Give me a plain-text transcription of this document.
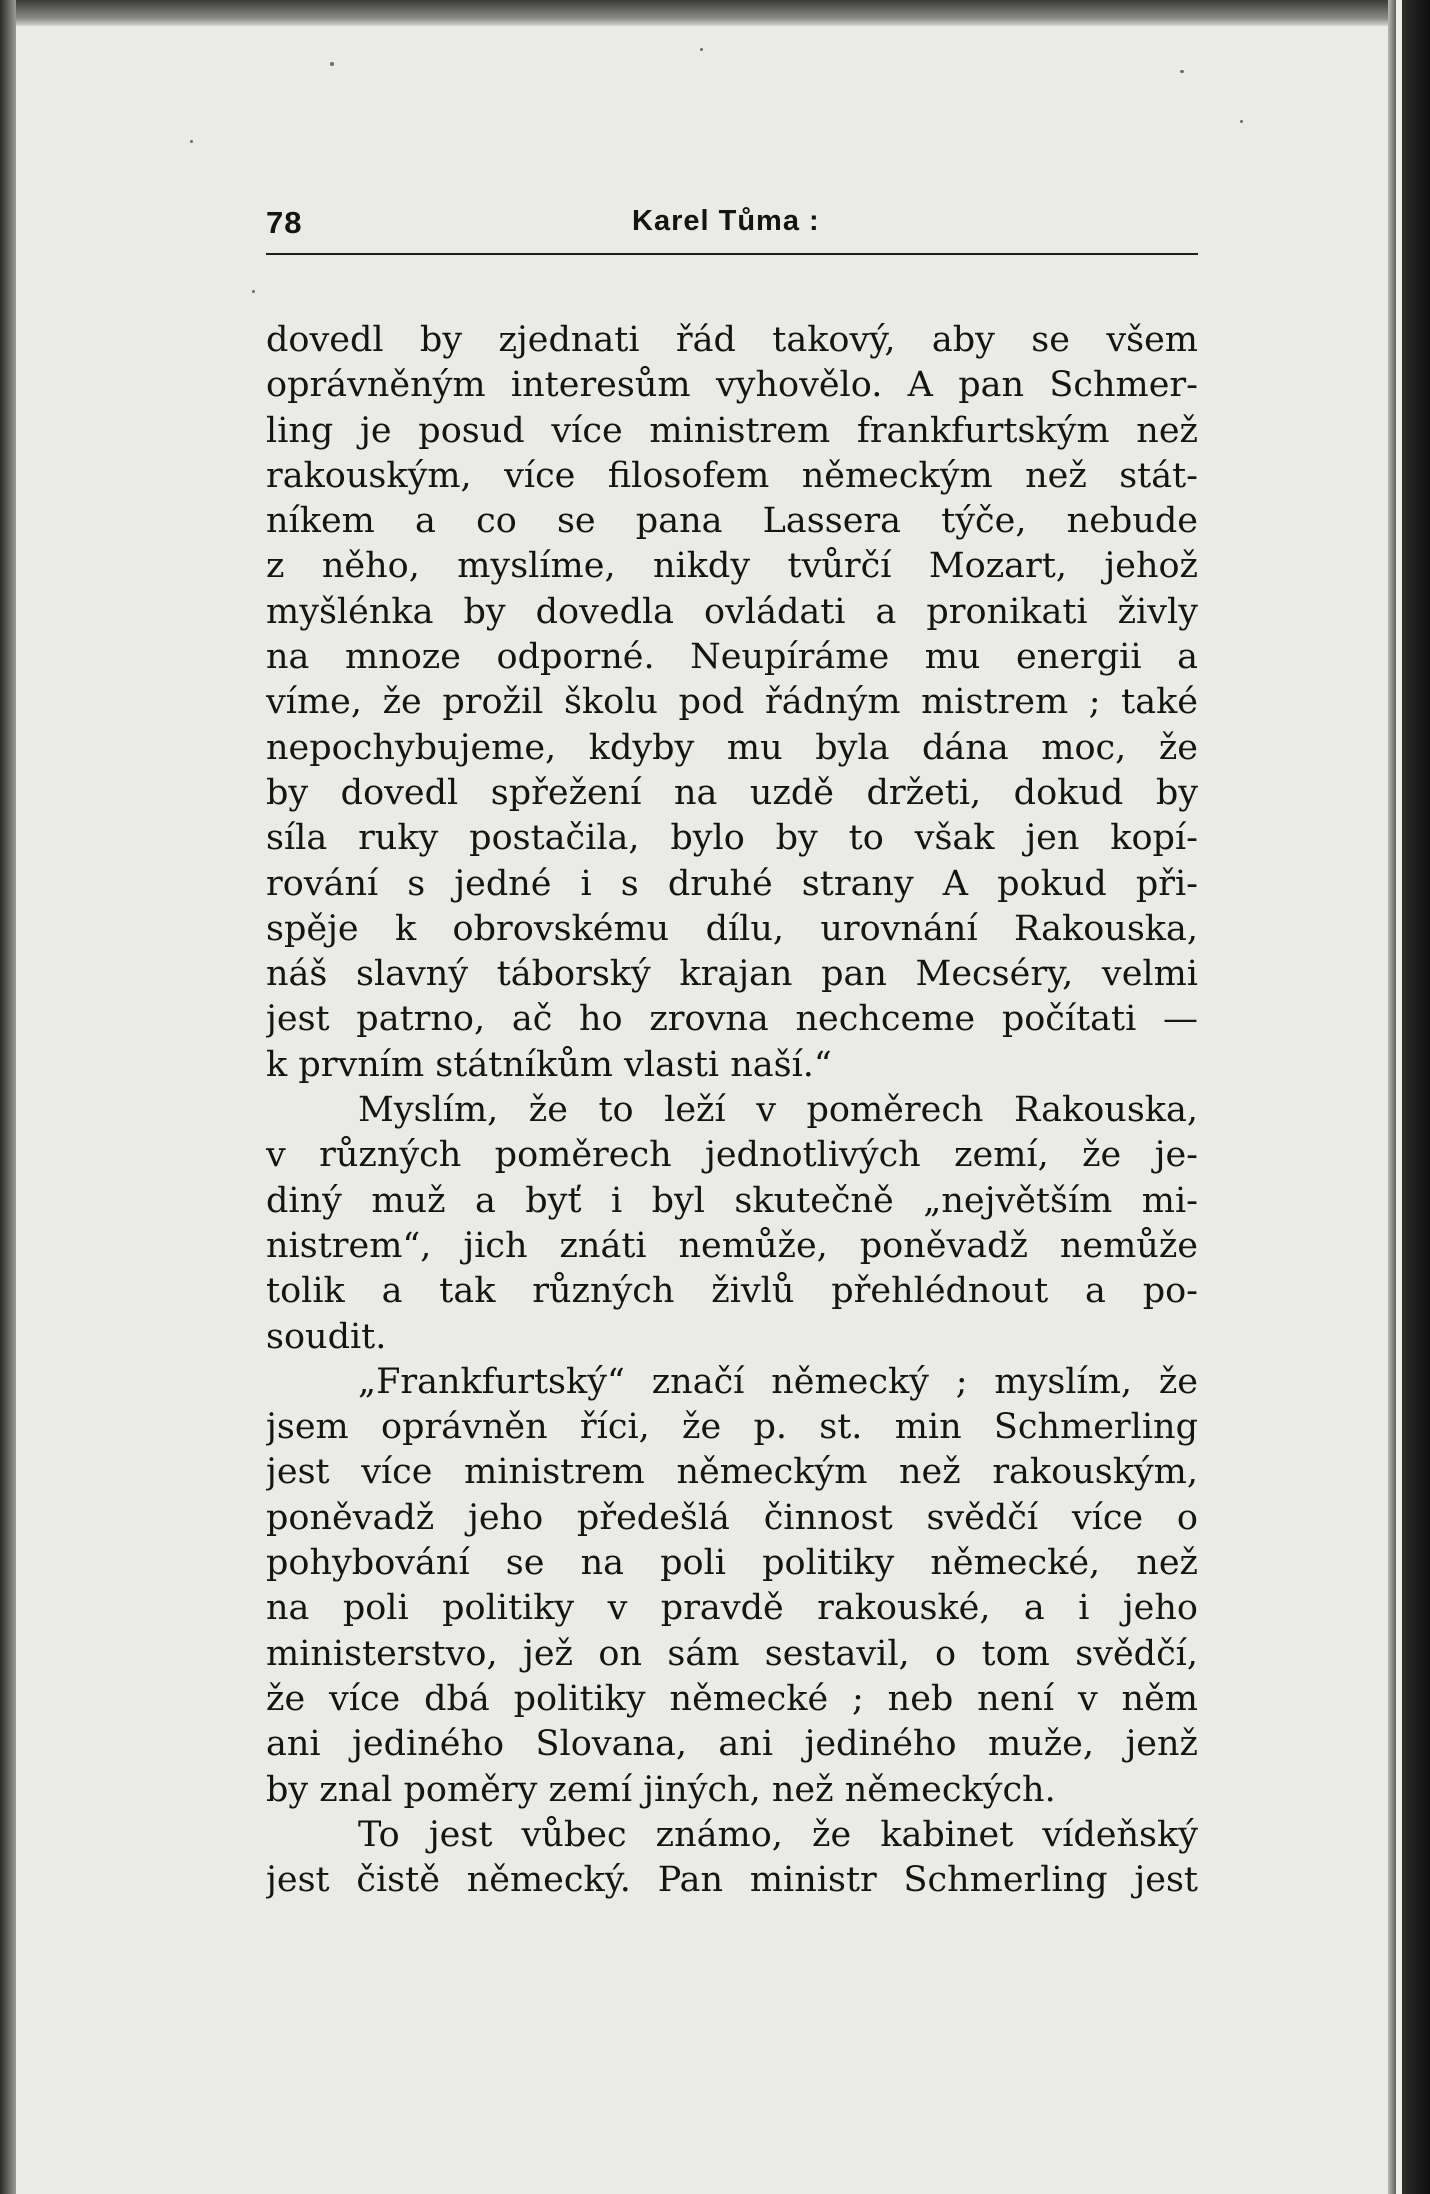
78	Karel Tůma :
dovedl by zjednati řád takový, aby se všem
oprávněným interesům vyhovělo. A pan Schmer-
ling je posud více ministrem frankfurtským než
rakouským, více filosofem německým než stát-
níkem a co se pana Lassera týče, nebude
z něho, myslíme, nikdy tvůrčí Mozart, jehož
myšlénka by dovedla ovládati a pronikati živly
na mnoze odporné. Neupíráme mu energii a
víme, že prožil školu pod řádným mistrem ; také
nepochybujeme, kdyby mu byla dána moc, že
by dovedl spřežení na uzdě držeti, dokud by
síla ruky postačila, bylo by to však jen kopí-
rování s jedné i s druhé strany A pokud při-
spěje k obrovskému dílu, urovnání Rakouska,
náš slavný táborský krajan pan Mecséry, velmi
jest patrno, ač ho zrovna nechceme počítati —
k prvním státníkům vlasti naší.“
Myslím, že to leží v poměrech Rakouska,
v různých poměrech jednotlivých zemí, že je-
diný muž a byť i byl skutečně „největším mi-
nistrem“, jich znáti nemůže, poněvadž nemůže
tolik a tak různých živlů přehlédnout a po-
soudit.
„Frankfurtský“ značí německý ; myslím, že
jsem oprávněn říci, že p. st. min Schmerling
jest více ministrem německým než rakouským,
poněvadž jeho předešlá činnost svědčí více o
pohybování se na poli politiky německé, než
na poli politiky v pravdě rakouské, a i jeho
ministerstvo, jež on sám sestavil, o tom svědčí,
že více dbá politiky německé ; neb není v něm
ani jediného Slovana, ani jediného muže, jenž
by znal poměry zemí jiných, než německých.
To jest vůbec známo, že kabinet vídeňský
jest čistě německý. Pan ministr Schmerling jest
